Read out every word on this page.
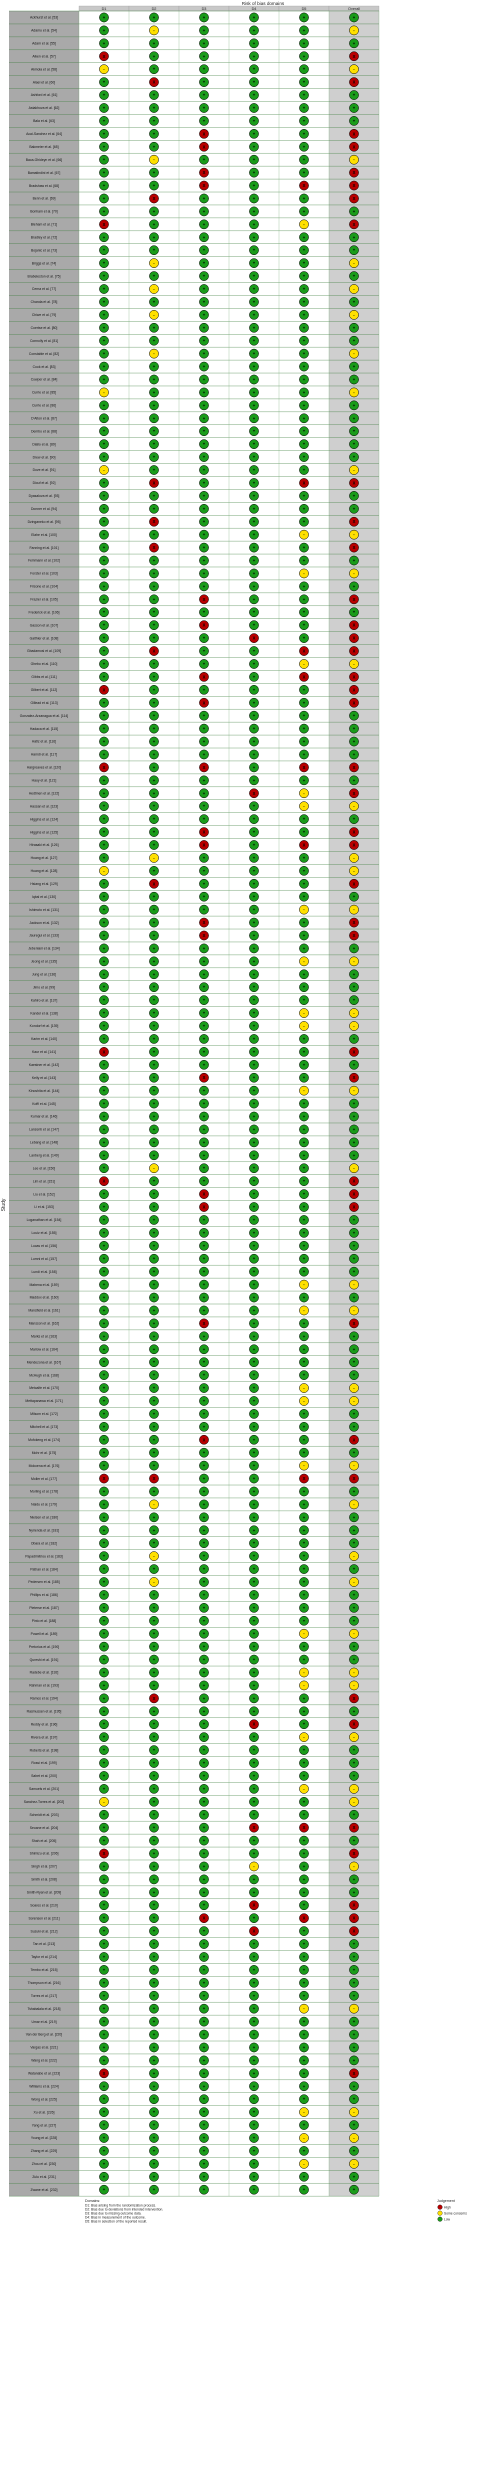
D1	D2	D3	D4	D5	Overall
Ackhurst et al. [53]	+	+	+	+	+	+
Adamu et al. [54]	+	-	+	+	+	-
Adam et al. [55]	+	+	+	+	+	+
Aiken et al. [57]	X	+	+	+	+	X
Akinola et al. [58]	-	+	+	+	+	-
Alaei et al. [60]	+	X	+	+	+	X
Ashford et al. [61]	+	+	+	+	+	+
Astakhova et al. [62]	+	+	+	+	+	+
Bala et al. [63]	+	+	+	+	+	+
Acai-Sanchez et al. [64]	+	+	X	+	+	X
Bakmeier et al. [65]	+	+	X	+	+	X
Baca-Ghideyn et al. [66]	+	-	+	+	+	-
Bamatindini et al. [67]	+	+	X	+	+	X
Bradshaw et al. [68]	+	+	X	+	X	X
Benn et al. [69]	+	X	+	+	+	X
Bonham et al. [70]	+	+	+	+	+	+
Bleham et al. [71]	X	+	+	+	-	X
Bradley et al. [72]	+	+	+	+	+	+
Bojanic et al. [73]	+	+	+	+	+	+
Briggs et al. [74]	+	-	+	+	+	-
Brabeleston et al. [75]	+	+	+	+	+	+
Cerna et al. [77]	+	-	+	+	+	-
Chanda et al. [78]	+	+	+	+	+	+
Chiwe et al. [79]	+	-	+	+	+	-
Coertse et al. [80]	+	+	+	+	+	+
Connolly et al. [81]	+	+	+	+	+	+
Constable et al. [82]	+	-	+	+	+	-
Cook et al. [83]	+	+	+	+	+	+
Cowper et al. [84]	+	+	+	+	+	+
Currie et al. [85]	-	+	+	+	+	-
Currie et al. [86]	+	+	+	+	+	+
D'Alton et al. [87]	+	+	+	+	+	+
Dembo et al. [88]	+	+	+	+	+	+
Diallo et al. [89]	+	+	+	+	+	+
Drew et al. [90]	+	+	+	+	+	+
Dove et al. [91]	-	+	+	+	+	-
Diouf et al. [92]	+	X	+	+	X	X
Dyasalova et al. [93]	+	+	+	+	+	+
Donner et al. [94]	+	+	+	+	+	+
Dzinganeko et al. [95]	+	X	+	+	+	X
Elahe et al. [100]	+	+	+	+	-	-
Fanning et al. [101]	+	X	+	+	+	X
Feinmann et al. [102]	+	+	+	+	+	+
Forster et al. [103]	+	+	+	+	-	-
Frisone et al. [104]	+	+	+	+	+	+
Frazier et al. [105]	+	+	X	+	+	X
Frederick et al. [106]	+	+	+	+	+	+
Gasson et al. [107]	+	+	X	+	+	X
Galthier et al. [108]	+	+	+	X	+	X
Gbadamosi et al. [109]	+	X	+	+	X	X
Ghebo et al. [110]	+	+	+	+	-	-
Gibbs et al. [111]	+	+	X	+	X	X
Gilbert et al. [112]	X	+	+	+	+	X
Gillead et al. [113]	+	+	X	+	+	X
Gonzalez-Arzanagua et al. [114]	+	+	+	+	+	+
Hadaca et al. [115]	+	+	+	+	+	+
Hafiz et al. [116]	+	+	+	+	+	+
Hamdi et al. [117]	+	+	+	+	+	+
Hargreaves et al. [120]	X	+	X	+	X	X
Hauy et al. [121]	+	+	+	+	+	+
Hedtinen et al. [122]	+	+	+	X	-	X
Hassan et al. [123]	+	+	+	+	-	-
Higgins et al. [124]	+	+	+	+	+	+
Higgins et al. [125]	+	+	X	+	+	X
Hirasaki et al. [126]	+	+	X	+	X	X
Hoang et al. [127]	+	-	+	+	+	-
Huang et al. [128]	-	+	+	+	+	-
Hsiang et al. [129]	+	X	+	+	+	X
Iqbal et al. [130]	+	+	+	+	+	+
Ishimoto et al. [131]	+	+	+	+	-	-
Jackson et al. [132]	+	+	X	+	+	X
Jauregui et al. [133]	+	+	X	+	+	X
Jebeniani et al. [134]	+	+	+	+	+	+
Jeong et al. [135]	+	+	+	+	-	-
Jung et al. [136]	+	+	+	+	+	+
Jimo et al. [99]	+	+	+	+	+	+
Kahiro et al. [137]	+	+	+	+	+	+
Kandel et al. [138]	+	+	+	+	-	-
Kondorf et al. [139]	+	+	+	+	-	-
Karim et al. [140]	+	+	+	+	+	+
Kaur et al. [141]	X	+	+	+	+	X
Kaestner et al. [142]	+	+	+	+	+	+
Kelly et al. [143]	+	+	X	+	+	X
Kinoshita et al. [144]	+	+	+	+	-	-
Koffi et al. [145]	+	+	+	+	+	+
Kumar et al. [146]	+	+	+	+	+	+
Lanzenb et al. [147]	+	+	+	+	+	+
Lebang et al. [148]	+	+	+	+	+	+
Lanberg et al. [149]	+	+	+	+	+	+
Lee et al. [150]	+	-	+	+	+	-
Lim et al. [151]	X	+	+	+	+	X
Liu et al. [152]	+	+	X	+	+	X
Li et al. [153]	+	+	X	+	+	X
Loganathan et al. [154]	+	+	+	+	+	+
Louiz et al. [155]	+	+	+	+	+	+
Lucas et al. [156]	+	+	+	+	+	+
Lumni et al. [157]	+	+	+	+	+	+
Lundi et al. [158]	+	+	+	+	+	+
Mabena et al. [159]	+	+	+	+	-	-
Maddox et al. [160]	+	+	+	+	+	+
Mansfield et al. [161]	+	+	+	+	-	-
Mansson et al. [162]	+	+	X	+	+	X
Marks et al. [163]	+	+	+	+	+	+
Marlow et al. [164]	+	+	+	+	+	+
Mendezona et al. [167]	+	+	+	+	+	+
McHugh et al. [168]	+	+	+	+	+	+
Metcalfe et al. [170]	+	+	+	+	-	-
Mettapanawa et al. [171]	+	+	+	+	-	-
Milsom et al. [172]	+	+	+	+	+	+
Mitchell et al. [173]	+	+	+	+	+	+
Mofokeng et al. [174]	+	+	X	+	+	X
Mohr et al. [175]	+	+	+	+	+	+
Mokoena et al. [176]	+	+	+	+	-	-
Moller et al. [177]	X	X	+	+	X	X
Morling et al. [178]	+	+	+	+	+	+
Naidu et al. [179]	+	-	+	+	+	-
Nielsen et al. [180]	+	+	+	+	+	+
Nyirenda et al. [181]	+	+	+	+	+	+
Obara et al. [182]	+	+	+	+	+	+
Papadimitriou et al. [183]	+	-	+	+	+	-
Pathan et al. [184]	+	+	+	+	+	+
Pedersen et al. [185]	+	-	+	+	+	-
Phillips et al. [186]	+	+	+	+	+	+
Pieterse et al. [187]	+	+	+	+	+	+
Pinto et al. [188]	+	+	+	+	+	+
Powell et al. [189]	+	+	+	+	-	-
Pretorius et al. [190]	+	+	+	+	+	+
Qureshi et al. [191]	+	+	+	+	+	+
Radebe et al. [192]	+	+	+	+	-	-
Rahman et al. [193]	+	+	+	+	-	-
Ramos et al. [194]	+	X	+	+	+	X
Rasmussen et al. [195]	+	+	+	+	+	+
Reddy et al. [196]	+	+	+	X	+	X
Rivera et al. [197]	+	+	+	+	-	-
Roberts et al. [198]	+	+	+	+	+	+
Rossi et al. [199]	+	+	+	+	+	+
Sabet et al. [200]	+	+	+	+	+	+
Samuels et al. [201]	+	+	+	+	-	-
Sanchez-Torres et al. [202]	-	+	+	+	+	-
Schmidt et al. [203]	+	+	+	+	+	+
Seoane et al. [204]	+	+	+	X	X	X
Shah et al. [205]	+	+	+	+	+	+
Shimizu et al. [206]	X	+	+	+	+	X
Singh et al. [207]	+	+	+	-	+	-
Smith et al. [208]	+	+	+	+	+	+
Smith-Ryan et al. [209]	+	+	+	+	+	+
Soares et al. [210]	+	+	+	X	+	X
Sorensen et al. [211]	+	+	X	+	X	X
Suzuki et al. [212]	+	+	+	X	+	X
Tan et al. [213]	+	+	+	+	+	+
Taylor et al. [214]	+	+	+	+	+	+
Tembo et al. [215]	+	+	+	+	+	+
Thompson et al. [216]	+	+	+	+	+	+
Torres et al. [217]	+	+	+	+	+	+
Tshabalala et al. [218]	+	+	+	+	-	-
Umar et al. [219]	+	+	+	+	+	+
Van der Berg et al. [220]	+	+	+	+	+	+
Vargas et al. [221]	+	+	+	+	+	+
Wang et al. [222]	+	+	+	+	+	+
Watanabe et al. [223]	X	+	+	+	+	X
Williams et al. [224]	+	+	+	+	+	+
Wong et al. [225]	+	+	+	+	+	+
Xu et al. [226]	+	+	+	+	-	-
Yang et al. [227]	+	+	+	+	+	+
Young et al. [228]	+	+	+	+	-	-
Zhang et al. [229]	+	+	+	+	+	+
Zhou et al. [230]	+	+	+	+	-	-
Zulu et al. [231]	+	+	+	+	+	+
Zwane et al. [232]	+	+	+	+	+	+
Domains:
D1: Bias arising from the randomization process.
D2: Bias due to deviations from intended intervention.
D3: Bias due to missing outcome data.
D4: Bias in measurement of the outcome.
D5: Bias in selection of the reported result.
Judgement
High
Some concerns
Low
Risk of bias domains
Study
